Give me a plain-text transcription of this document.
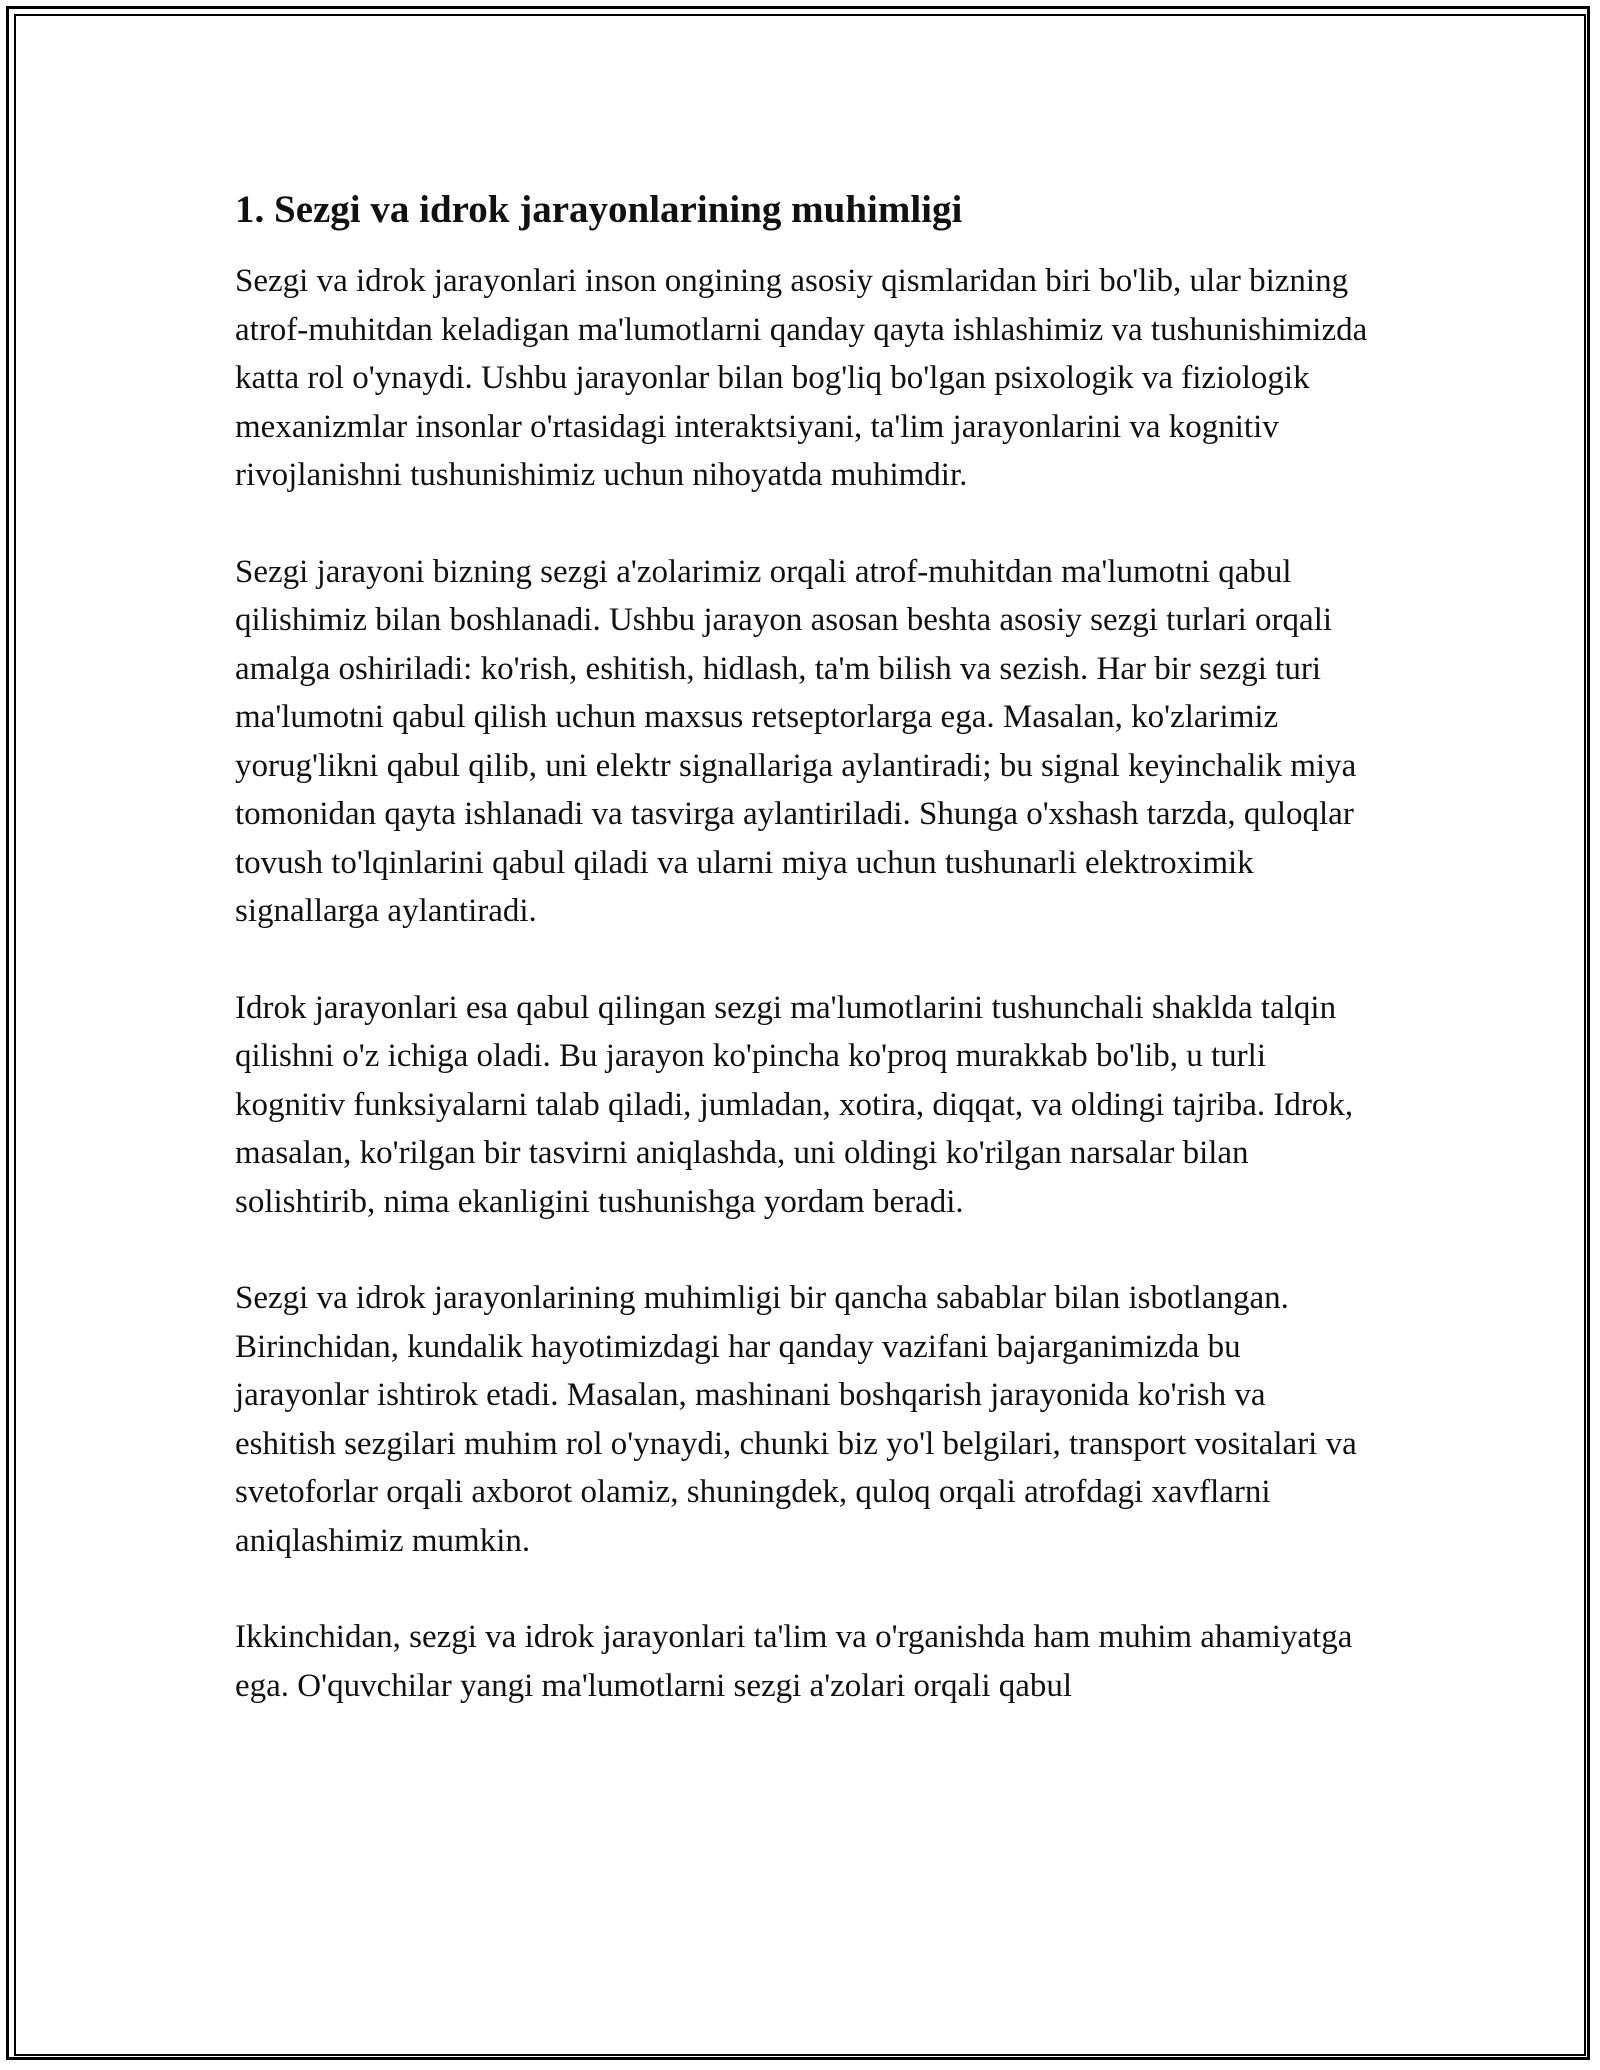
1. Sezgi va idrok jarayonlarining muhimligi

Sezgi va idrok jarayonlari inson ongining asosiy qismlaridan biri bo'lib, ular bizning atrof-muhitdan keladigan ma'lumotlarni qanday qayta ishlashimiz va tushunishimizda katta rol o'ynaydi. Ushbu jarayonlar bilan bog'liq bo'lgan psixologik va fiziologik mexanizmlar insonlar o'rtasidagi interaktsiyani, ta'lim jarayonlarini va kognitiv rivojlanishni tushunishimiz uchun nihoyatda muhimdir.

Sezgi jarayoni bizning sezgi a'zolarimiz orqali atrof-muhitdan ma'lumotni qabul qilishimiz bilan boshlanadi. Ushbu jarayon asosan beshta asosiy sezgi turlari orqali amalga oshiriladi: ko'rish, eshitish, hidlash, ta'm bilish va sezish. Har bir sezgi turi ma'lumotni qabul qilish uchun maxsus retseptorlarga ega. Masalan, ko'zlarimiz yorug'likni qabul qilib, uni elektr signallariga aylantiradi; bu signal keyinchalik miya tomonidan qayta ishlanadi va tasvirga aylantiriladi. Shunga o'xshash tarzda, quloqlar tovush to'lqinlarini qabul qiladi va ularni miya uchun tushunarli elektroximik signallarga aylantiradi.

Idrok jarayonlari esa qabul qilingan sezgi ma'lumotlarini tushunchali shaklda talqin qilishni o'z ichiga oladi. Bu jarayon ko'pincha ko'proq murakkab bo'lib, u turli kognitiv funksiyalarni talab qiladi, jumladan, xotira, diqqat, va oldingi tajriba. Idrok, masalan, ko'rilgan bir tasvirni aniqlashda, uni oldingi ko'rilgan narsalar bilan solishtirib, nima ekanligini tushunishga yordam beradi.

Sezgi va idrok jarayonlarining muhimligi bir qancha sabablar bilan isbotlangan. Birinchidan, kundalik hayotimizdagi har qanday vazifani bajarganimizda bu jarayonlar ishtirok etadi. Masalan, mashinani boshqarish jarayonida ko'rish va eshitish sezgilari muhim rol o'ynaydi, chunki biz yo'l belgilari, transport vositalari va svetoforlar orqali axborot olamiz, shuningdek, quloq orqali atrofdagi xavflarni aniqlashimiz mumkin.

Ikkinchidan, sezgi va idrok jarayonlari ta'lim va o'rganishda ham muhim ahamiyatga ega. O'quvchilar yangi ma'lumotlarni sezgi a'zolari orqali qabul
